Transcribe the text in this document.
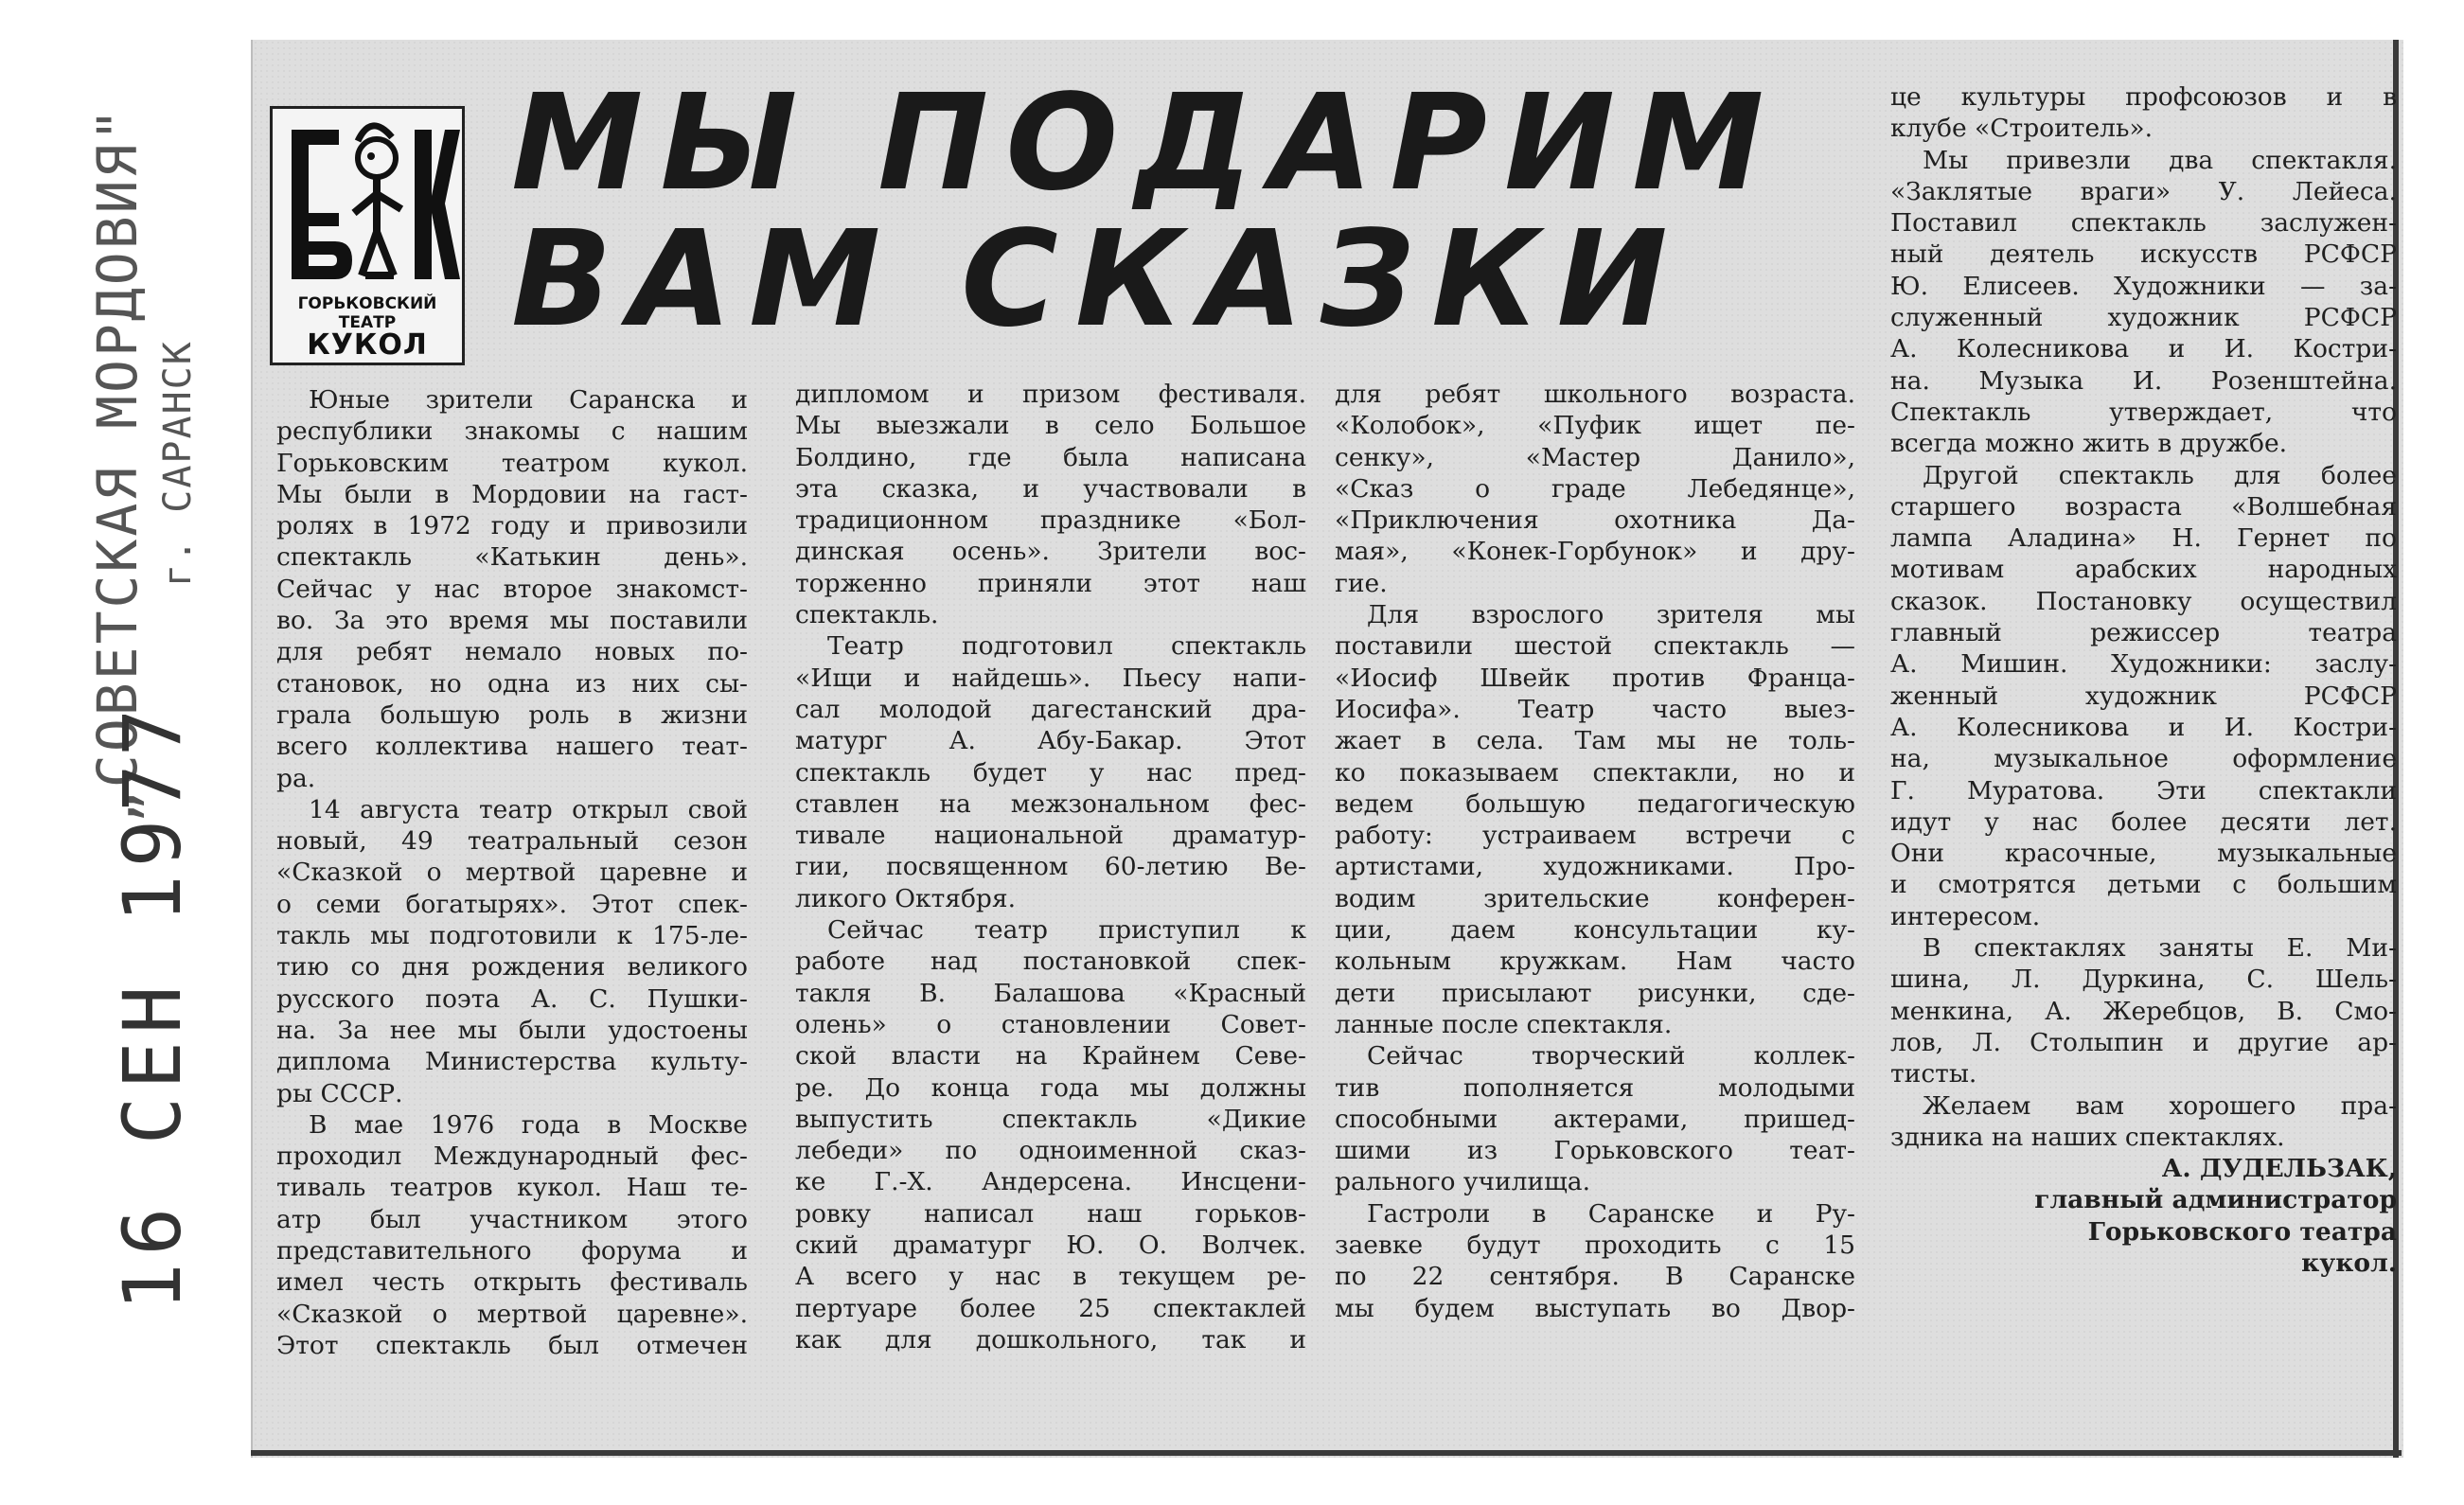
„СОВЕТСКАЯ МОРДОВИЯ" г. САРАНСК
16 СЕН 1977
ГОРЬКОВСКИЙ
ТЕАТР
КУКОЛ
МЫ ПОДАРИМ
ВАМ СКАЗКИ
Юные зрители Саранска и
республики знакомы с нашим
Горьковским театром кукол.
Мы были в Мордовии на гаст-
ролях в 1972 году и привозили
спектакль «Катькин день».
Сейчас у нас второе знакомст-
во. За это время мы поставили
для ребят немало новых по-
становок, но одна из них сы-
грала большую роль в жизни
всего коллектива нашего теат-
ра.
14 августа театр открыл свой
новый, 49 театральный сезон
«Сказкой о мертвой царевне и
о семи богатырях». Этот спек-
такль мы подготовили к 175-ле-
тию со дня рождения великого
русского поэта А. С. Пушки-
на. За нее мы были удостоены
диплома Министерства культу-
ры СССР.
В мае 1976 года в Москве
проходил Международный фес-
тиваль театров кукол. Наш те-
атр был участником этого
представительного форума и
имел честь открыть фестиваль
«Сказкой о мертвой царевне».
Этот спектакль был отмечен
дипломом и призом фестиваля.
Мы выезжали в село Большое
Болдино, где была написана
эта сказка, и участвовали в
традиционном празднике «Бол-
динская осень». Зрители вос-
торженно приняли этот наш
спектакль.
Театр подготовил спектакль
«Ищи и найдешь». Пьесу напи-
сал молодой дагестанский дра-
матург А. Абу-Бакар. Этот
спектакль будет у нас пред-
ставлен на межзональном фес-
тивале национальной драматур-
гии, посвященном 60-летию Ве-
ликого Октября.
Сейчас театр приступил к
работе над постановкой спек-
такля В. Балашова «Красный
олень» о становлении Совет-
ской власти на Крайнем Севе-
ре. До конца года мы должны
выпустить спектакль «Дикие
лебеди» по одноименной сказ-
ке Г.-Х. Андерсена. Инсцени-
ровку написал наш горьков-
ский драматург Ю. О. Волчек.
А всего у нас в текущем ре-
пертуаре более 25 спектаклей
как для дошкольного, так и
для ребят школьного возраста.
«Колобок», «Пуфик ищет пе-
сенку», «Мастер Данило»,
«Сказ о граде Лебедянце»,
«Приключения охотника Да-
мая», «Конек-Горбунок» и дру-
гие.
Для взрослого зрителя мы
поставили шестой спектакль —
«Иосиф Швейк против Франца-
Иосифа». Театр часто выез-
жает в села. Там мы не толь-
ко показываем спектакли, но и
ведем большую педагогическую
работу: устраиваем встречи с
артистами, художниками. Про-
водим зрительские конферен-
ции, даем консультации ку-
кольным кружкам. Нам часто
дети присылают рисунки, сде-
ланные после спектакля.
Сейчас творческий коллек-
тив пополняется молодыми
способными актерами, пришед-
шими из Горьковского теат-
рального училища.
Гастроли в Саранске и Ру-
заевке будут проходить с 15
по 22 сентября. В Саранске
мы будем выступать во Двор-
це культуры профсоюзов и в
клубе «Строитель».
Мы привезли два спектакля.
«Заклятые враги» У. Лейеса.
Поставил спектакль заслужен-
ный деятель искусств РСФСР
Ю. Елисеев. Художники — за-
служенный художник РСФСР
А. Колесникова и И. Костри-
на. Музыка И. Розенштейна.
Спектакль утверждает, что
всегда можно жить в дружбе.
Другой спектакль для более
старшего возраста «Волшебная
лампа Аладина» Н. Гернет по
мотивам арабских народных
сказок. Постановку осуществил
главный режиссер театра
А. Мишин. Художники: заслу-
женный художник РСФСР
А. Колесникова и И. Костри-
на, музыкальное оформление
Г. Муратова. Эти спектакли
идут у нас более десяти лет.
Они красочные, музыкальные
и смотрятся детьми с большим
интересом.
В спектаклях заняты Е. Ми-
шина, Л. Дуркина, С. Шель-
менкина, А. Жеребцов, В. Смо-
лов, Л. Столыпин и другие ар-
тисты.
Желаем вам хорошего пра-
здника на наших спектаклях.
А. ДУДЕЛЬЗАК,
главный администратор
Горьковского театра
кукол.
